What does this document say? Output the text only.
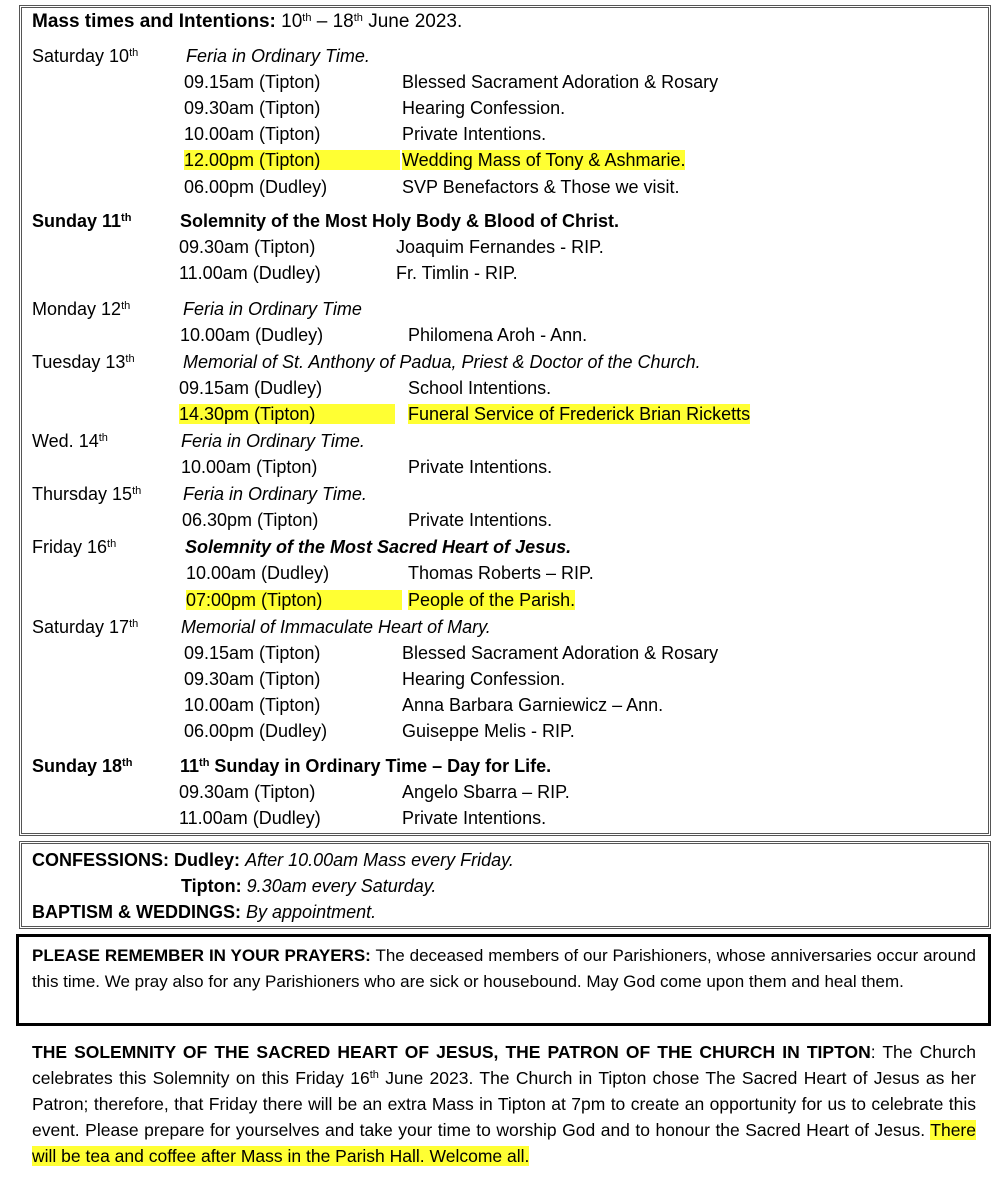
Mass times and Intentions: 10th – 18th June 2023.
Saturday 10th	Feria in Ordinary Time.
09.15am (Tipton)	Blessed Sacrament Adoration & Rosary
09.30am (Tipton)	Hearing Confession.
10.00am (Tipton)	Private Intentions.
12.00pm (Tipton)	Wedding Mass of Tony & Ashmarie.
06.00pm (Dudley)	SVP Benefactors & Those we visit.
Sunday 11th	Solemnity of the Most Holy Body & Blood of Christ.
09.30am (Tipton)	Joaquim Fernandes - RIP.
11.00am (Dudley)	Fr. Timlin - RIP.
Monday 12th	Feria in Ordinary Time
10.00am (Dudley)	Philomena Aroh - Ann.
Tuesday 13th	Memorial of St. Anthony of Padua, Priest & Doctor of the Church.
09.15am (Dudley)	School Intentions.
14.30pm (Tipton)	Funeral Service of Frederick Brian Ricketts
Wed. 14th	Feria in Ordinary Time.
10.00am (Tipton)	Private Intentions.
Thursday 15th Feria in Ordinary Time.
06.30pm (Tipton)	Private Intentions.
Friday 16th	Solemnity of the Most Sacred Heart of Jesus.
10.00am (Dudley)	Thomas Roberts – RIP.
07:00pm (Tipton)	People of the Parish.
Saturday 17th Memorial of Immaculate Heart of Mary.
09.15am (Tipton)	Blessed Sacrament Adoration & Rosary
09.30am (Tipton)	Hearing Confession.
10.00am (Tipton)	Anna Barbara Garniewicz – Ann.
06.00pm (Dudley)	Guiseppe Melis - RIP.
Sunday 18th	11th Sunday in Ordinary Time – Day for Life.
09.30am (Tipton)	Angelo Sbarra – RIP.
11.00am (Dudley)	Private Intentions.
CONFESSIONS: Dudley: After 10.00am Mass every Friday.
Tipton: 9.30am every Saturday.
BAPTISM & WEDDINGS: By appointment.
PLEASE REMEMBER IN YOUR PRAYERS: The deceased members of our Parishioners, whose anniversaries occur around this time. We pray also for any Parishioners who are sick or housebound. May God come upon them and heal them.
THE SOLEMNITY OF THE SACRED HEART OF JESUS, THE PATRON OF THE CHURCH IN TIPTON: The Church celebrates this Solemnity on this Friday 16th June 2023. The Church in Tipton chose The Sacred Heart of Jesus as her Patron; therefore, that Friday there will be an extra Mass in Tipton at 7pm to create an opportunity for us to celebrate this event. Please prepare for yourselves and take your time to worship God and to honour the Sacred Heart of Jesus. There will be tea and coffee after Mass in the Parish Hall. Welcome all.
